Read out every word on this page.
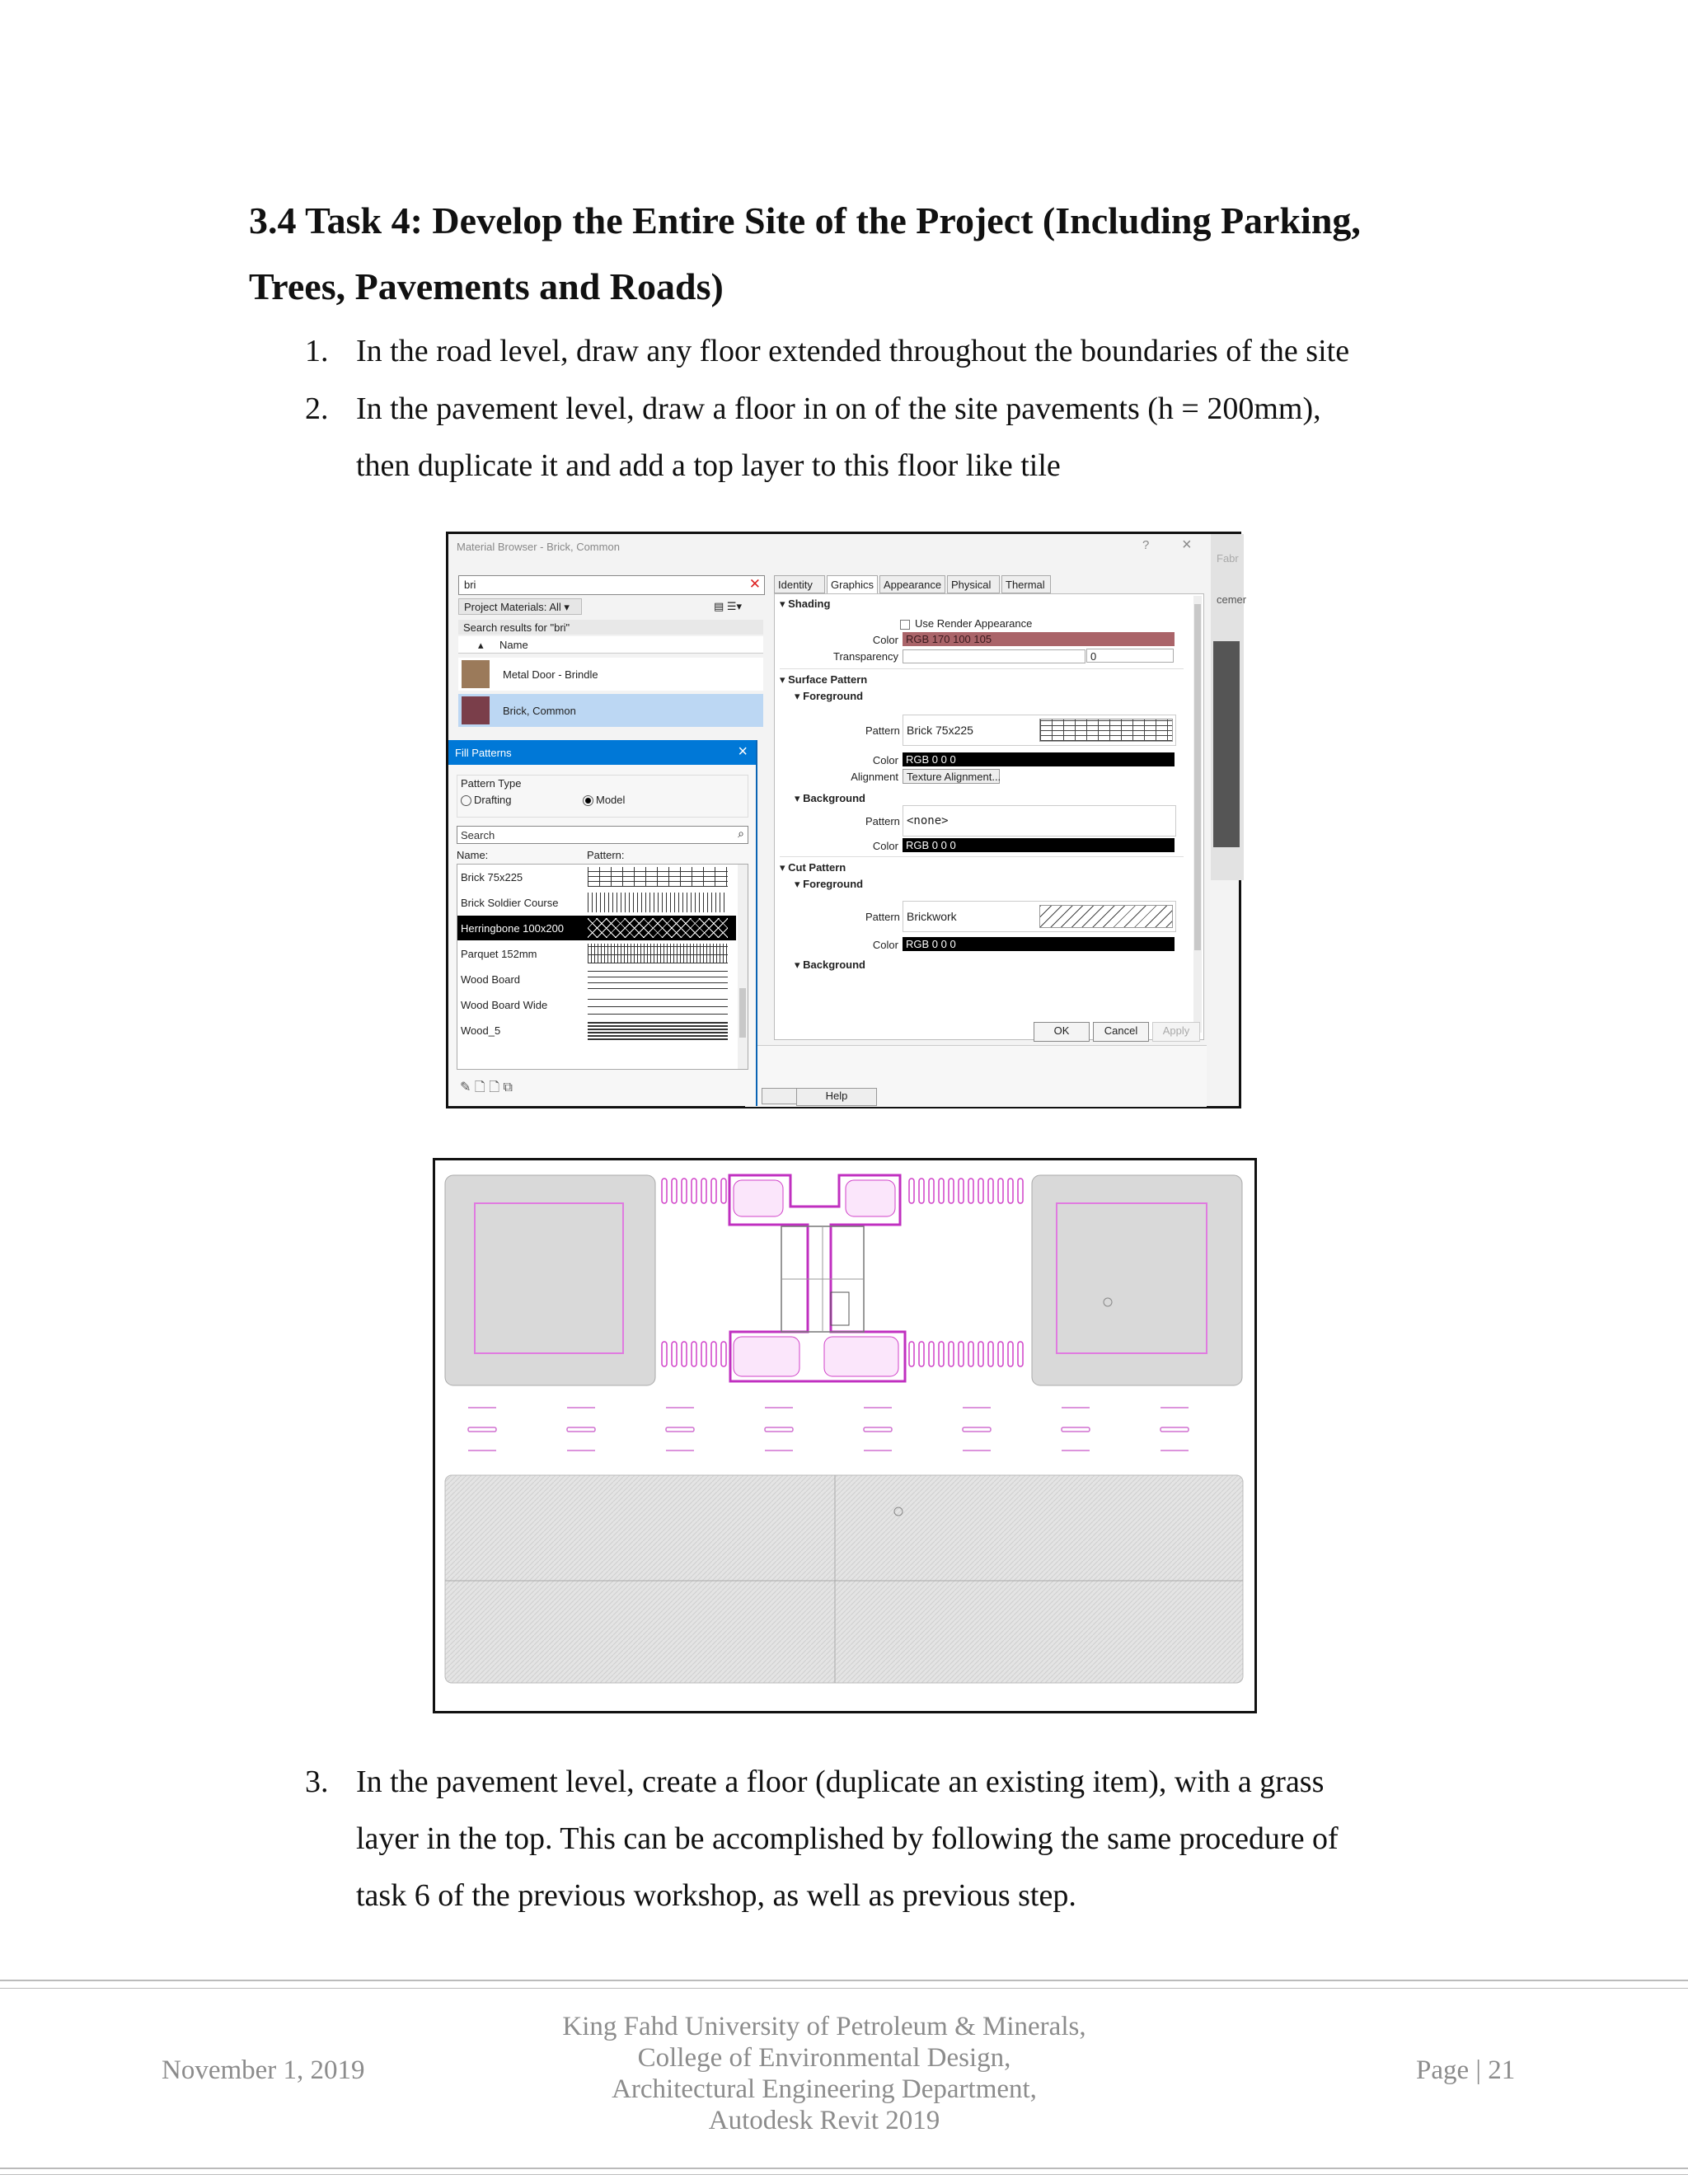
3.4 Task 4: Develop the Entire Site of the Project (Including Parking,
Trees, Pavements and Roads)
1. In the road level, draw any floor extended throughout the boundaries of the site
2. In the pavement level, draw a floor in on of the site pavements (h = 200mm),
then duplicate it and add a top layer to this floor like tile
cemer
Fabr
Material Browser - Brick, Common	? ×
bri	✕
Project Materials: All ▾	▤ ☰▾
Search results for "bri"
▴ Name
Metal Door - Brindle
Brick, Common
Identity	Graphics Appearance Physical	Thermal
▾ Shading
Use Render Appearance
Color RGB 170 100 105
Transparency	0
▾ Surface Pattern
▾ Foreground
Pattern Brick 75x225
Color RGB 0 0 0
Alignment Texture Alignment...
▾ Background
Pattern <none>
Color RGB 0 0 0
▾ Cut Pattern
▾ Foreground
Pattern Brickwork
Color RGB 0 0 0
▾ Background
OK	Cancel	Apply
Help
Fill Patterns	×
Pattern Type
Drafting	Model
Search	⌕
Name:	Pattern:
Brick 75x225
Brick Soldier Course
Herringbone 100x200
Parquet 152mm
Wood Board
Wood Board Wide
Wood_5
✎ 🗋 🗋 ⧉
3. In the pavement level, create a floor (duplicate an existing item), with a grass
layer in the top. This can be accomplished by following the same procedure of
task 6 of the previous workshop, as well as previous step.
November 1, 2019
King Fahd University of Petroleum & Minerals,
College of Environmental Design,
Architectural Engineering Department,
Autodesk Revit 2019
Page | 21
